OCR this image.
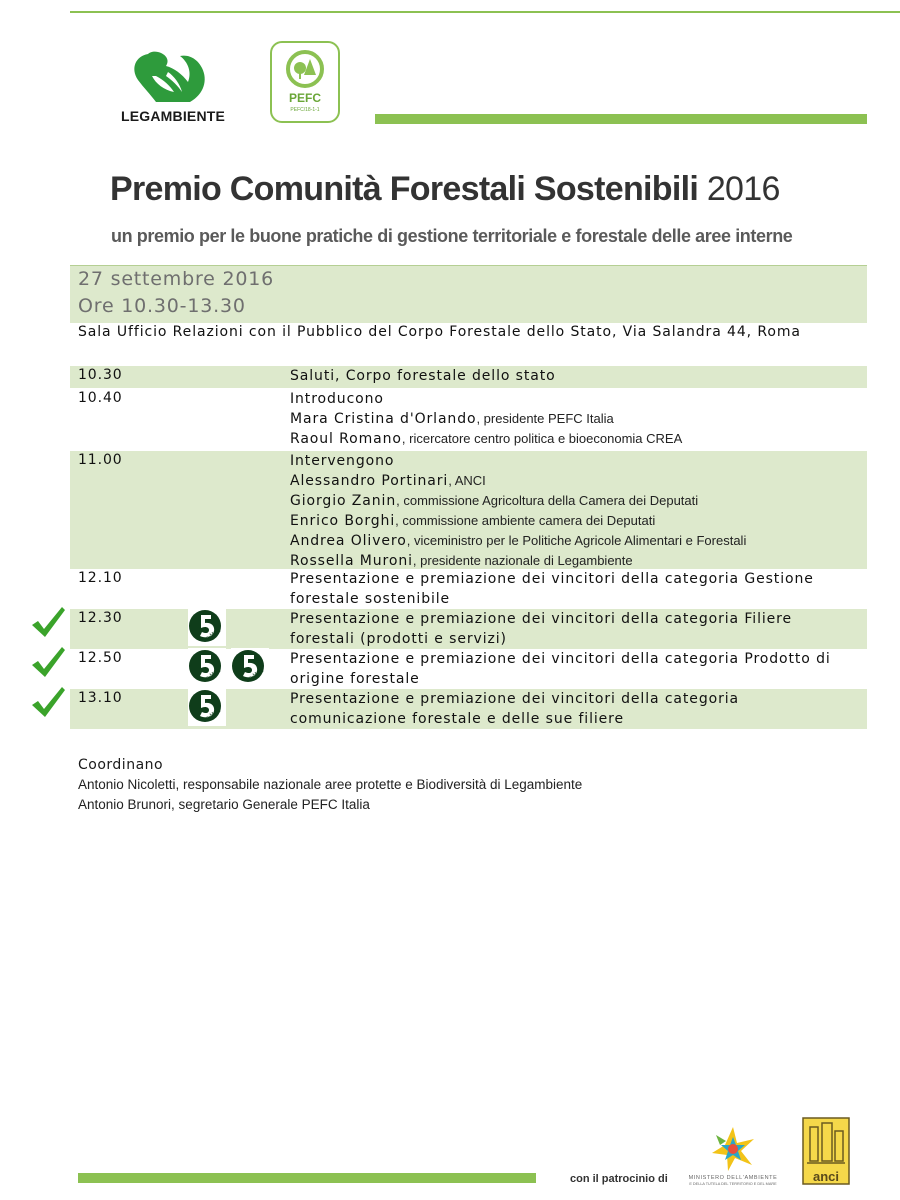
LEGAMBIENTE
PEFC
PEFC/18-1-1
Premio Comunità Forestali Sostenibili 2016
un premio per le buone pratiche di gestione territoriale e forestale delle aree interne
27 settembre 2016
Ore 10.30-13.30
Sala Ufficio Relazioni con il Pubblico del Corpo Forestale dello Stato, Via Salandra 44, Roma
10.30	Saluti, Corpo forestale dello stato
10.40	Introducono
Mara Cristina d'Orlando, presidente PEFC Italia
Raoul Romano, ricercatore centro politica e bioeconomia CREA
11.00	Intervengono
Alessandro Portinari, ANCI
Giorgio Zanin, commissione Agricoltura della Camera dei Deputati
Enrico Borghi, commissione ambiente camera dei Deputati
Andrea Olivero, viceministro per le Politiche Agricole Alimentari e Forestali
Rossella Muroni, presidente nazionale di Legambiente
12.10	Presentazione e premiazione dei vincitori della categoria Gestione
forestale sostenibile
12.30	Presentazione e premiazione dei vincitori della categoria Filiere
forestali (prodotti e servizi)
12.50	Presentazione e premiazione dei vincitori della categoria Prodotto di
origine forestale
13.10	Presentazione e premiazione dei vincitori della categoria
comunicazione forestale e delle sue filiere
Coordinano
Antonio Nicoletti, responsabile nazionale aree protette e Biodiversità di Legambiente
Antonio Brunori, segretario Generale PEFC Italia
con il patrocinio di	MINISTERO DELL'AMBIENTE
E DELLA TUTELA DEL TERRITORIO E DEL MARE	anci
to-Many
to-Many	to-Many
to-Many
